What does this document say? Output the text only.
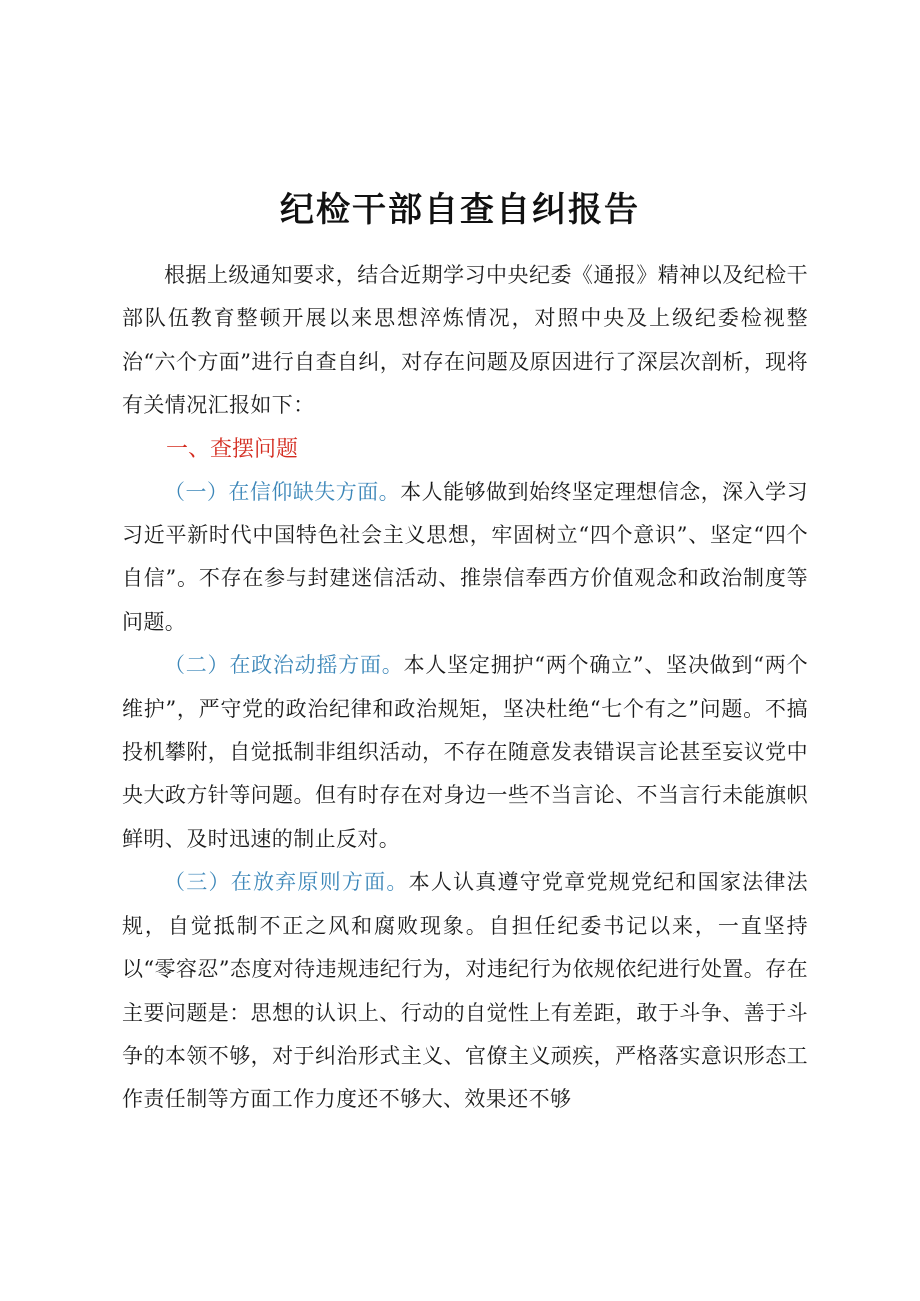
纪检干部自查自纠报告

根据上级通知要求，结合近期学习中央纪委《通报》精神以及纪检干部队伍教育整顿开展以来思想淬炼情况，对照中央及上级纪委检视整治“六个方面”进行自查自纠，对存在问题及原因进行了深层次剖析，现将有关情况汇报如下：

一、查摆问题

（一）在信仰缺失方面。本人能够做到始终坚定理想信念，深入学习习近平新时代中国特色社会主义思想，牢固树立“四个意识”、坚定“四个自信”。不存在参与封建迷信活动、推崇信奉西方价值观念和政治制度等问题。

（二）在政治动摇方面。本人坚定拥护“两个确立”、坚决做到“两个维护”，严守党的政治纪律和政治规矩，坚决杜绝“七个有之”问题。不搞投机攀附，自觉抵制非组织活动，不存在随意发表错误言论甚至妄议党中央大政方针等问题。但有时存在对身边一些不当言论、不当言行未能旗帜鲜明、及时迅速的制止反对。

（三）在放弃原则方面。本人认真遵守党章党规党纪和国家法律法规，自觉抵制不正之风和腐败现象。自担任纪委书记以来，一直坚持以“零容忍”态度对待违规违纪行为，对违纪行为依规依纪进行处置。存在主要问题是：思想的认识上、行动的自觉性上有差距，敢于斗争、善于斗争的本领不够，对于纠治形式主义、官僚主义顽疾，严格落实意识形态工作责任制等方面工作力度还不够大、效果还不够
